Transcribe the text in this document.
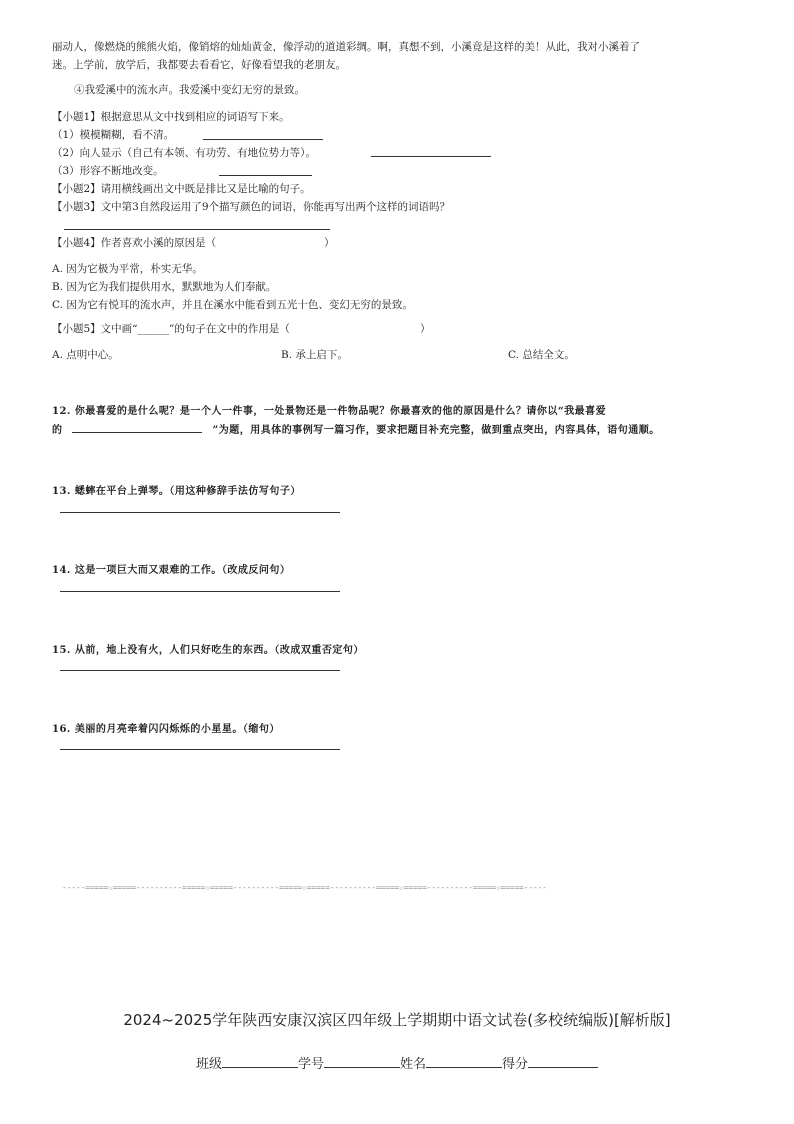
丽动人，像燃烧的熊熊火焰，像销熔的灿灿黄金，像浮动的道道彩绸。啊，真想不到，小溪竟是这样的美！从此，我对小溪着了
迷。上学前，放学后，我都要去看看它，好像看望我的老朋友。
④我爱溪中的流水声。我爱溪中变幻无穷的景致。
【小题1】根据意思从文中找到相应的词语写下来。
（1）模模糊糊，看不清。
（2）向人显示（自己有本领、有功劳、有地位势力等）。
（3）形容不断地改变。
【小题2】请用横线画出文中既是排比又是比喻的句子。
【小题3】文中第3自然段运用了9个描写颜色的词语，你能再写出两个这样的词语吗？
【小题4】作者喜欢小溪的原因是（	）
A. 因为它极为平常，朴实无华。
B. 因为它为我们提供用水，默默地为人们奉献。
C. 因为它有悦耳的流水声，并且在溪水中能看到五光十色、变幻无穷的景致。
【小题5】文中画“______”的句子在文中的作用是（	）
A. 点明中心。	B. 承上启下。	C. 总结全文。
12. 你最喜爱的是什么呢？是一个人一件事，一处景物还是一件物品呢？你最喜欢的他的原因是什么？请你以“我最喜爱
的	”为题，用具体的事例写一篇习作，要求把题目补充完整，做到重点突出，内容具体，语句通顺。
13. 蟋蟀在平台上弹琴。（用这种修辞手法仿写句子）
14. 这是一项巨大而又艰难的工作。（改成反问句）
15. 从前，地上没有火，人们只好吃生的东西。（改成双重否定句）
16. 美丽的月亮牵着闪闪烁烁的小星星。（缩句）
-----=====☆=====----------=====☆=====----------=====☆=====----------=====☆=====----------=====☆=====-----
2024~2025学年陕西安康汉滨区四年级上学期期中语文试卷(多校统编版)[解析版]
班级	学号	姓名	得分
